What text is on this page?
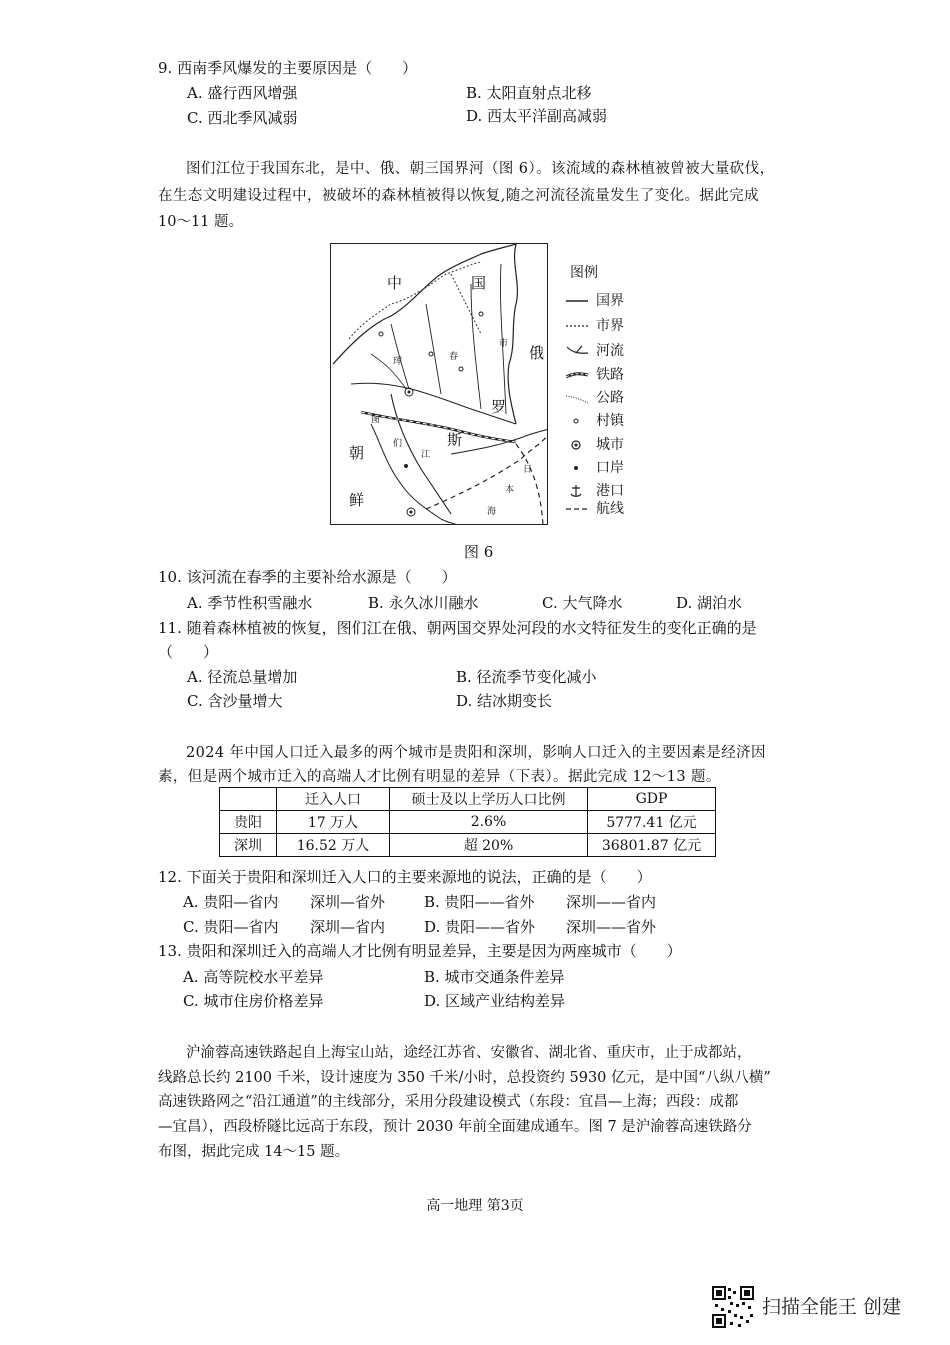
9. 西南季风爆发的主要原因是（　　）
A. 盛行西风增强	B. 太阳直射点北移
C. 西北季风减弱	D. 西太平洋副高减弱
图们江位于我国东北，是中、俄、朝三国界河（图 6）。该流域的森林植被曾被大量砍伐，
在生态文明建设过程中，被破坏的森林植被得以恢复,随之河流径流量发生了变化。据此完成
10～11 题。
中	国
俄
罗
斯
朝
鲜
图
们
江
日
本
海
珲	春
市
图例
国界
市界
河流
铁路
公路
村镇
城市
口岸
港口
航线
图 6
10. 该河流在春季的主要补给水源是（　　）
A. 季节性积雪融水	B. 永久冰川融水	C. 大气降水	D. 湖泊水
11. 随着森林植被的恢复，图们江在俄、朝两国交界处河段的水文特征发生的变化正确的是
（　　）
A. 径流总量增加	B. 径流季节变化减小
C. 含沙量增大	D. 结冰期变长
2024 年中国人口迁入最多的两个城市是贵阳和深圳，影响人口迁入的主要因素是经济因
素，但是两个城市迁入的高端人才比例有明显的差异（下表）。据此完成 12～13 题。
	迁入人口	硕士及以上学历人口比例	GDP
贵阳	17 万人	2.6%	5777.41 亿元
深圳	16.52 万人	超 20%	36801.87 亿元
12. 下面关于贵阳和深圳迁入人口的主要来源地的说法，正确的是（　　）
A. 贵阳—省内 深圳—省外	B. 贵阳——省外 深圳——省内
C. 贵阳—省内 深圳—省内	D. 贵阳——省外 深圳——省外
13. 贵阳和深圳迁入的高端人才比例有明显差异，主要是因为两座城市（　　）
A. 高等院校水平差异	B. 城市交通条件差异
C. 城市住房价格差异	D. 区域产业结构差异
沪渝蓉高速铁路起自上海宝山站，途经江苏省、安徽省、湖北省、重庆市，止于成都站，
线路总长约 2100 千米，设计速度为 350 千米/小时，总投资约 5930 亿元，是中国“八纵八横”
高速铁路网之“沿江通道”的主线部分，采用分段建设模式（东段：宜昌—上海；西段：成都
—宜昌），西段桥隧比远高于东段，预计 2030 年前全面建成通车。图 7 是沪渝蓉高速铁路分
布图，据此完成 14～15 题。
高一地理 第3页
扫描全能王 创建
